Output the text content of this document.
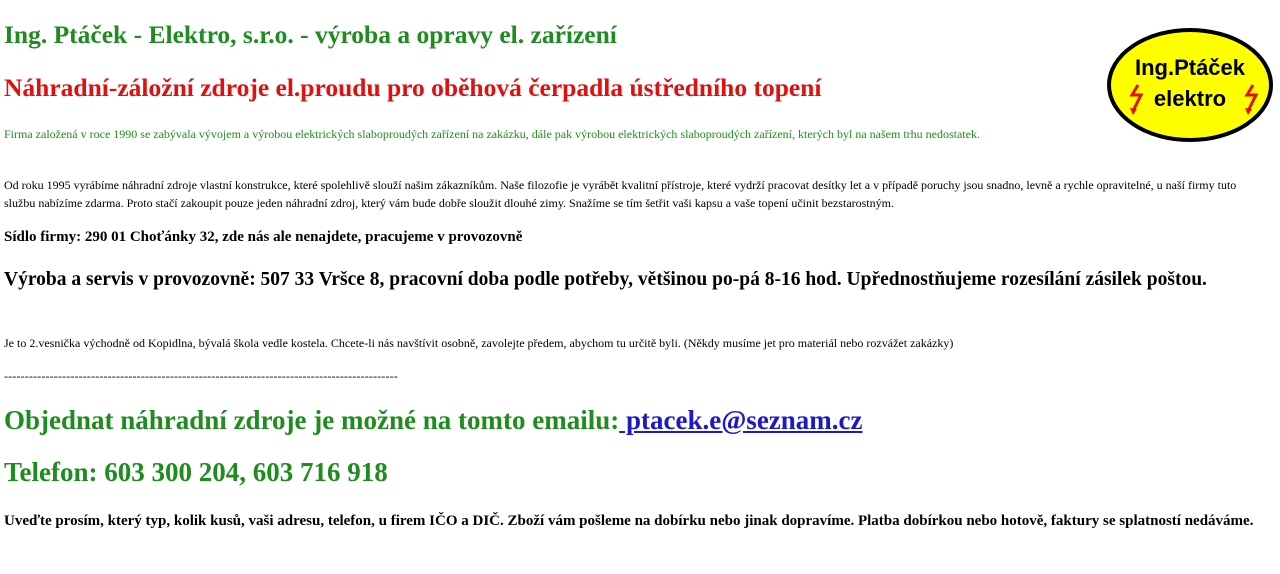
Ing. Ptáček - Elektro, s.r.o. - výroba a opravy el. zařízení
Náhradní-záložní zdroje el.proudu pro oběhová čerpadla ústředního topení

Firma založená v roce 1990 se zabývala vývojem a výrobou elektrických slaboproudých zařízení na zakázku, dále pak výrobou elektrických slaboproudých zařízení, kterých byl na našem trhu nedostatek.

Od roku 1995 vyrábíme náhradní zdroje vlastní konstrukce, které spolehlivě slouží našim zákazníkům. Naše filozofie je vyrábět kvalitní přístroje, které vydrží pracovat desítky let a v případě poruchy jsou snadno, levně a rychle opravitelné, u naší firmy tuto službu nabízíme zdarma. Proto stačí zakoupit pouze jeden náhradní zdroj, který vám bude dobře sloužit dlouhé zimy. Snažíme se tím šetřit vaši kapsu a vaše topení učinit bezstarostným.

Sídlo firmy: 290 01 Choťánky 32, zde nás ale nenajdete, pracujeme v provozovně

Výroba a servis v provozovně: 507 33 Vršce 8, pracovní doba podle potřeby, většinou po-pá 8-16 hod. Upřednostňujeme rozesílání zásilek poštou.

Je to 2.vesnička východně od Kopidlna, bývalá škola vedle kostela. Chcete-li nás navštívit osobně, zavolejte předem, abychom tu určitě byli. (Někdy musíme jet pro materiál nebo rozvážet zakázky)

-----------------------------------------------------------------------------------------------

Objednat náhradní zdroje je možné na tomto emailu: ptacek.e@seznam.cz

Telefon: 603 300 204, 603 716 918

Uveďte prosím, který typ, kolik kusů, vaši adresu, telefon, u firem IČO a DIČ. Zboží vám pošleme na dobírku nebo jinak dopravíme. Platba dobírkou nebo hotově, faktury se splatností nedáváme.

Ing.Ptáček
elektro
